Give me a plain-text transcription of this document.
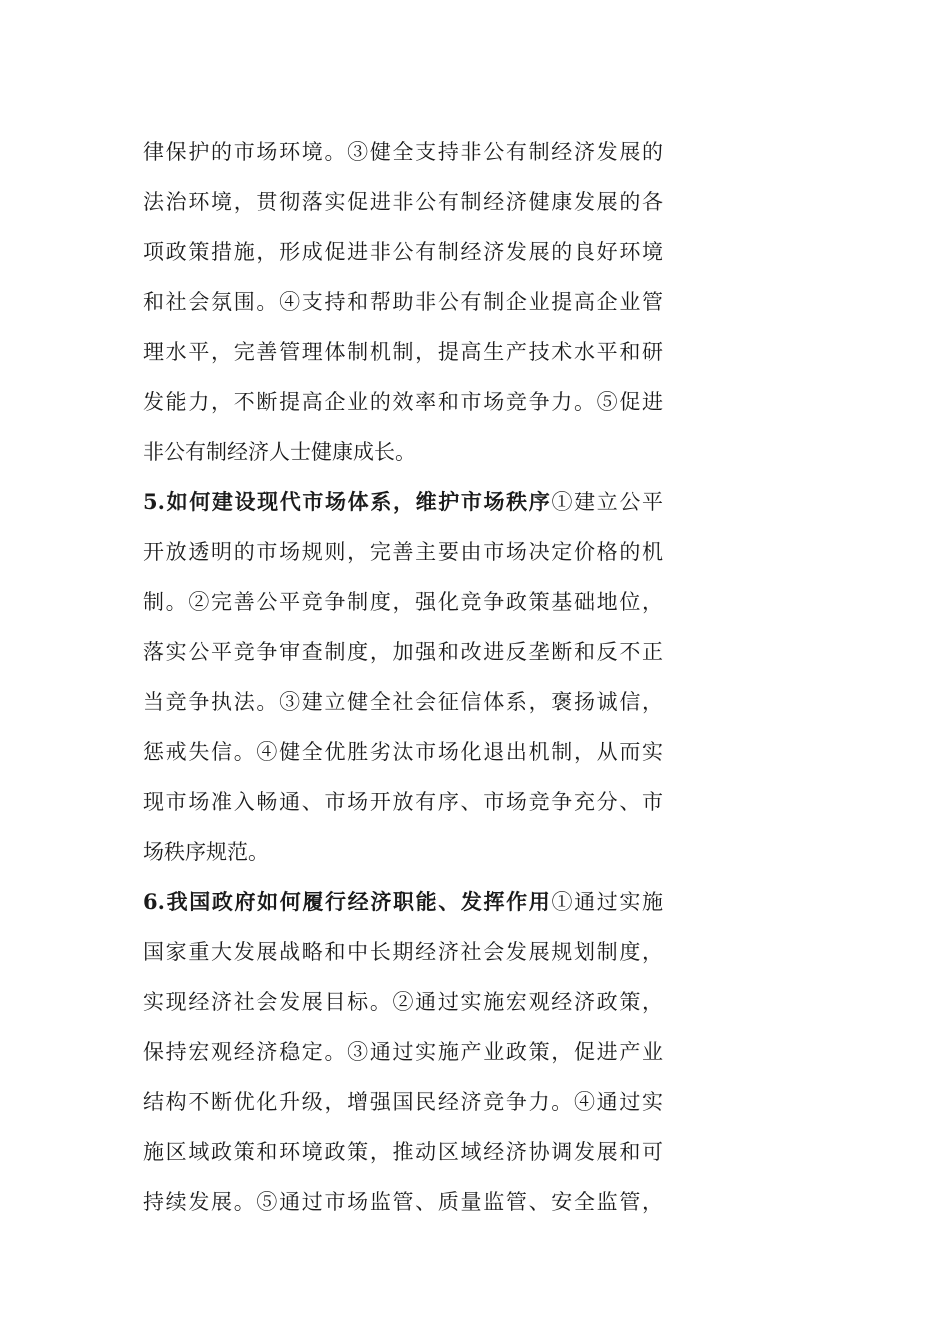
律保护的市场环境。③健全支持非公有制经济发展的
法治环境，贯彻落实促进非公有制经济健康发展的各
项政策措施，形成促进非公有制经济发展的良好环境
和社会氛围。④支持和帮助非公有制企业提高企业管
理水平，完善管理体制机制，提高生产技术水平和研
发能力，不断提高企业的效率和市场竞争力。⑤促进
非公有制经济人士健康成长。
5.如何建设现代市场体系，维护市场秩序①建立公平
开放透明的市场规则，完善主要由市场决定价格的机
制。②完善公平竞争制度，强化竞争政策基础地位，
落实公平竞争审查制度，加强和改进反垄断和反不正
当竞争执法。③建立健全社会征信体系，褒扬诚信，
惩戒失信。④健全优胜劣汰市场化退出机制，从而实
现市场准入畅通、市场开放有序、市场竞争充分、市
场秩序规范。
6.我国政府如何履行经济职能、发挥作用①通过实施
国家重大发展战略和中长期经济社会发展规划制度，
实现经济社会发展目标。②通过实施宏观经济政策，
保持宏观经济稳定。③通过实施产业政策，促进产业
结构不断优化升级，增强国民经济竞争力。④通过实
施区域政策和环境政策，推动区域经济协调发展和可
持续发展。⑤通过市场监管、质量监管、安全监管，
